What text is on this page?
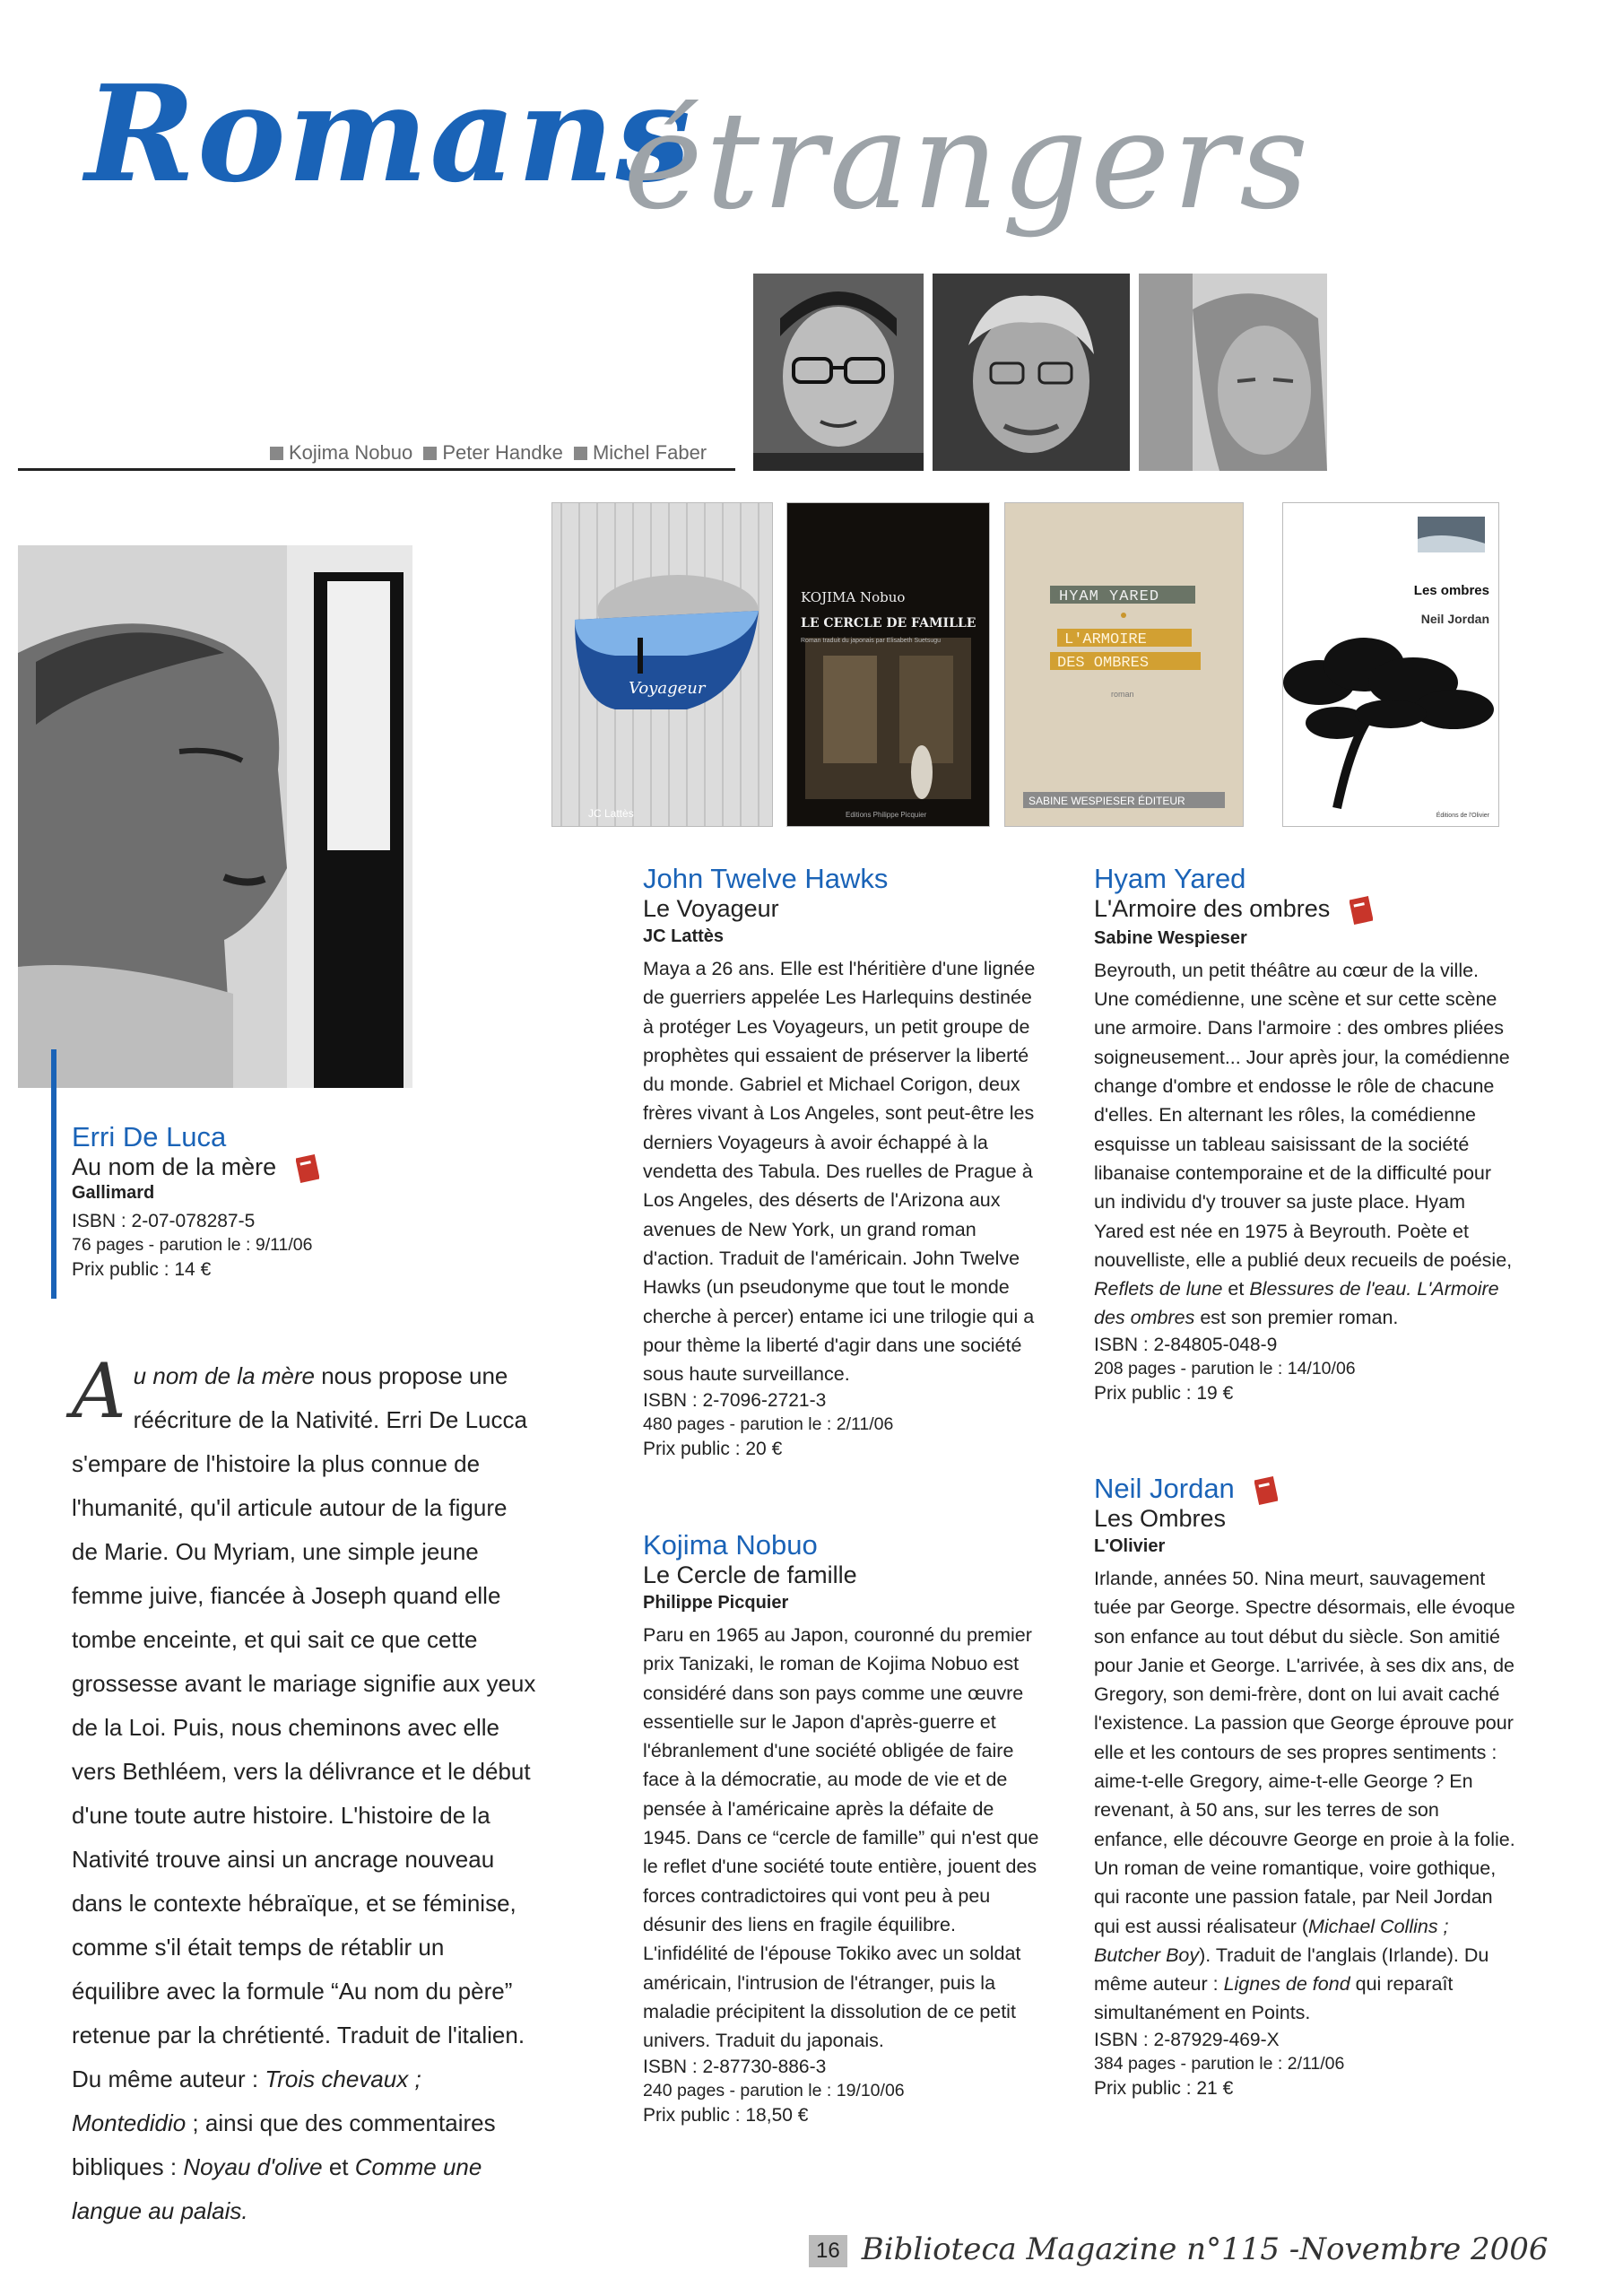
Romans
étrangers
Kojima Nobuo Peter Handke Michel Faber
Erri De Luca
Au nom de la mère
Gallimard
ISBN : 2-07-078287-5
76 pages - parution le : 9/11/06
Prix public : 14 €
Au nom de la mère nous propose une réécriture de la Nativité. Erri De Lucca s'empare de l'histoire la plus connue de l'humanité, qu'il articule autour de la figure de Marie. Ou Myriam, une simple jeune femme juive, fiancée à Joseph quand elle tombe enceinte, et qui sait ce que cette grossesse avant le mariage signifie aux yeux de la Loi. Puis, nous cheminons avec elle vers Bethléem, vers la délivrance et le début d'une toute autre histoire. L'histoire de la Nativité trouve ainsi un ancrage nouveau dans le contexte hébraïque, et se féminise, comme s'il était temps de rétablir un équilibre avec la formule “Au nom du père” retenue par la chrétienté. Traduit de l'italien. Du même auteur : Trois chevaux ; Montedidio ; ainsi que des commentaires bibliques : Noyau d'olive et Comme une langue au palais.
Voyageur
JC Lattès
KOJIMA Nobuo
LE CERCLE DE FAMILLE
Roman traduit du japonais par Elisabeth Suetsugu
Editions Philippe Picquier
HYAM YARED
L'ARMOIRE
DES OMBRES
roman
SABINE WESPIESER ÉDITEUR
Les ombres
Neil Jordan
Éditions de l'Olivier
John Twelve Hawks
Le Voyageur
JC Lattès
Maya a 26 ans. Elle est l'héritière d'une lignée de guerriers appelée Les Harlequins destinée à protéger Les Voyageurs, un petit groupe de prophètes qui essaient de préserver la liberté du monde. Gabriel et Michael Corigon, deux frères vivant à Los Angeles, sont peut-être les derniers Voyageurs à avoir échappé à la vendetta des Tabula. Des ruelles de Prague à Los Angeles, des déserts de l'Arizona aux avenues de New York, un grand roman d'action. Traduit de l'américain. John Twelve Hawks (un pseudonyme que tout le monde cherche à percer) entame ici une trilogie qui a pour thème la liberté d'agir dans une société sous haute surveillance.
ISBN : 2-7096-2721-3
480 pages - parution le : 2/11/06
Prix public : 20 €
Kojima Nobuo
Le Cercle de famille
Philippe Picquier
Paru en 1965 au Japon, couronné du premier prix Tanizaki, le roman de Kojima Nobuo est considéré dans son pays comme une œuvre essentielle sur le Japon d'après-guerre et l'ébranlement d'une société obligée de faire face à la démocratie, au mode de vie et de pensée à l'américaine après la défaite de 1945. Dans ce “cercle de famille” qui n'est que le reflet d'une société toute entière, jouent des forces contradictoires qui vont peu à peu désunir des liens en fragile équilibre. L'infidélité de l'épouse Tokiko avec un soldat américain, l'intrusion de l'étranger, puis la maladie précipitent la dissolution de ce petit univers. Traduit du japonais.
ISBN : 2-87730-886-3
240 pages - parution le : 19/10/06
Prix public : 18,50 €
Hyam Yared
L'Armoire des ombres
Sabine Wespieser
Beyrouth, un petit théâtre au cœur de la ville. Une comédienne, une scène et sur cette scène une armoire. Dans l'armoire : des ombres pliées soigneusement... Jour après jour, la comédienne change d'ombre et endosse le rôle de chacune d'elles. En alternant les rôles, la comédienne esquisse un tableau saisissant de la société libanaise contemporaine et de la difficulté pour un individu d'y trouver sa juste place. Hyam Yared est née en 1975 à Beyrouth. Poète et nouvelliste, elle a publié deux recueils de poésie, Reflets de lune et Blessures de l'eau. L'Armoire des ombres est son premier roman.
ISBN : 2-84805-048-9
208 pages - parution le : 14/10/06
Prix public : 19 €
Neil Jordan
Les Ombres
L'Olivier
Irlande, années 50. Nina meurt, sauvagement tuée par George. Spectre désormais, elle évoque son enfance au tout début du siècle. Son amitié pour Janie et George. L'arrivée, à ses dix ans, de Gregory, son demi-frère, dont on lui avait caché l'existence. La passion que George éprouve pour elle et les contours de ses propres sentiments : aime-t-elle Gregory, aime-t-elle George ? En revenant, à 50 ans, sur les terres de son enfance, elle découvre George en proie à la folie. Un roman de veine romantique, voire gothique, qui raconte une passion fatale, par Neil Jordan qui est aussi réalisateur (Michael Collins ; Butcher Boy). Traduit de l'anglais (Irlande). Du même auteur : Lignes de fond qui reparaît simultanément en Points.
ISBN : 2-87929-469-X
384 pages - parution le : 2/11/06
Prix public : 21 €
16 Biblioteca Magazine n°115 -Novembre 2006
